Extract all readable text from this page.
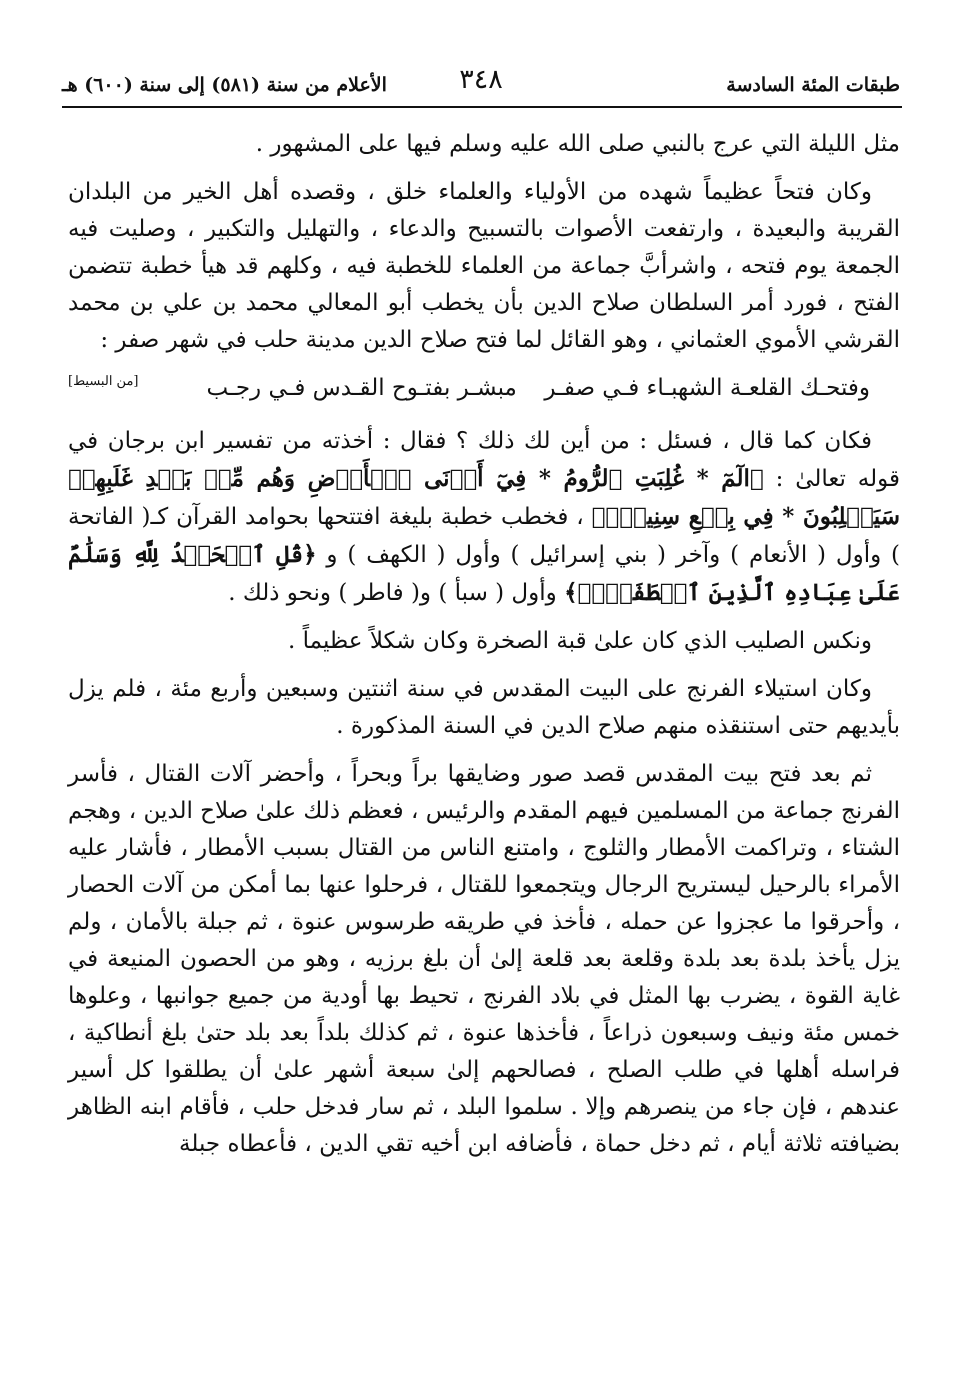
طبقات المئة السادسة
٣٤٨
الأعلام من سنة (٥٨١) إلى سنة (٦٠٠) هـ

مثل الليلة التي عرج بالنبي صلى الله عليه وسلم فيها على المشهور .

وكان فتحاً عظيماً شهده من الأولياء والعلماء خلق ، وقصده أهل الخير من البلدان القريبة والبعيدة ، وارتفعت الأصوات بالتسبيح والدعاء ، والتهليل والتكبير ، وصليت فيه الجمعة يوم فتحه ، واشرأبَّ جماعة من العلماء للخطبة فيه ، وكلهم قد هيأ خطبة تتضمن الفتح ، فورد أمر السلطان صلاح الدين بأن يخطب أبو المعالي محمد بن علي بن محمد القرشي الأموي العثماني ، وهو القائل لما فتح صلاح الدين مدينة حلب في شهر صفر :
[من البسيط]	وفتحـك القلعـة الشهبـاء فـي صفـر
مبشـر بفتـوح القـدس فـي رجـب

فكان كما قال ، فسئل : من أين لك ذلك ؟ فقال : أخذته من تفسير ابن برجان في قوله تعالىٰ : ﴿الٓمٓ * غُلِبَتِ ٱلرُّومُ * فِيٓ أَدۡنَى ٱلۡأَرۡضِ وَهُم مِّنۢ بَعۡدِ غَلَبِهِمۡ سَيَغۡلِبُونَ * فِي بِضۡعِ سِنِينَۗ﴾ ، فخطب خطبة بليغة افتتحها بحوامد القرآن كـ( الفاتحة ) وأول ( الأنعام ) وآخر ( بني إسرائيل ) وأول ( الكهف ) و ﴿قُلِ ٱلۡحَمۡدُ لِلَّهِ وَسَلَٰمٌ عَلَىٰ عِبَادِهِ ٱلَّذِينَ ٱصۡطَفَىٰٓۗ﴾ وأول ( سبأ ) و( فاطر ) ونحو ذلك .

ونكس الصليب الذي كان علىٰ قبة الصخرة وكان شكلاً عظيماً .

وكان استيلاء الفرنج على البيت المقدس في سنة اثنتين وسبعين وأربع مئة ، فلم يزل بأيديهم حتى استنقذه منهم صلاح الدين في السنة المذكورة .

ثم بعد فتح بيت المقدس قصد صور وضايقها براً وبحراً ، وأحضر آلات القتال ، فأسر الفرنج جماعة من المسلمين فيهم المقدم والرئيس ، فعظم ذلك علىٰ صلاح الدين ، وهجم الشتاء ، وتراكمت الأمطار والثلوج ، وامتنع الناس من القتال بسبب الأمطار ، فأشار عليه الأمراء بالرحيل ليستريح الرجال ويتجمعوا للقتال ، فرحلوا عنها بما أمكن من آلات الحصار ، وأحرقوا ما عجزوا عن حمله ، فأخذ في طريقه طرسوس عنوة ، ثم جبلة بالأمان ، ولم يزل يأخذ بلدة بعد بلدة وقلعة بعد قلعة إلىٰ أن بلغ برزيه ، وهو من الحصون المنيعة في غاية القوة ، يضرب بها المثل في بلاد الفرنج ، تحيط بها أودية من جميع جوانبها ، وعلوها خمس مئة ونيف وسبعون ذراعاً ، فأخذها عنوة ، ثم كذلك بلداً بعد بلد حتىٰ بلغ أنطاكية ، فراسله أهلها في طلب الصلح ، فصالحهم إلىٰ سبعة أشهر علىٰ أن يطلقوا كل أسير عندهم ، فإن جاء من ينصرهم وإلا . سلموا البلد ، ثم سار فدخل حلب ، فأقام ابنه الظاهر بضيافته ثلاثة أيام ، ثم دخل حماة ، فأضافه ابن أخيه تقي الدين ، فأعطاه جبلة
